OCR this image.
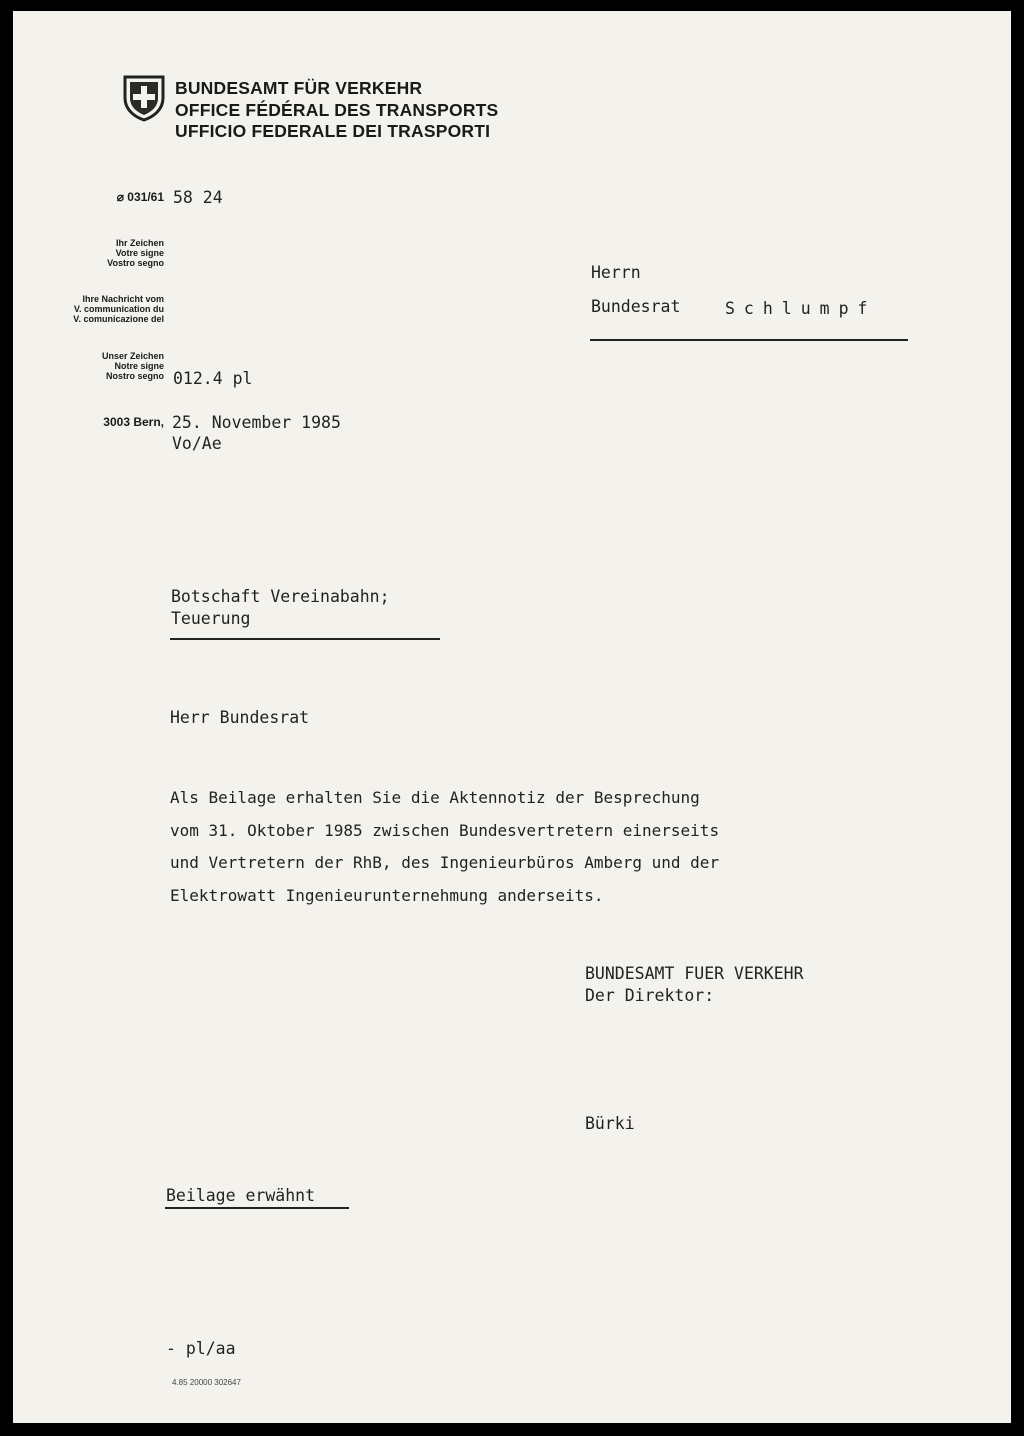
BUNDESAMT FÜR VERKEHR
OFFICE FÉDÉRAL DES TRANSPORTS
UFFICIO FEDERALE DEI TRASPORTI
⌀ 031/61 58 24
Ihr Zeichen
Votre signe
Vostro segno
Ihre Nachricht vom
V. communication du
V. comunicazione del
Unser Zeichen
Notre signe
Nostro segno 012.4 pl
3003 Bern, 25. November 1985
Vo/Ae
Herrn
Bundesrat	Schlumpf
Botschaft Vereinabahn;
Teuerung
Herr Bundesrat
Als Beilage erhalten Sie die Aktennotiz der Besprechung
vom 31. Oktober 1985 zwischen Bundesvertretern einerseits
und Vertretern der RhB, des Ingenieurbüros Amberg und der
Elektrowatt Ingenieurunternehmung anderseits.
BUNDESAMT FUER VERKEHR
Der Direktor:
Bürki
Beilage erwähnt
- pl/aa
4.85 20000 302647
